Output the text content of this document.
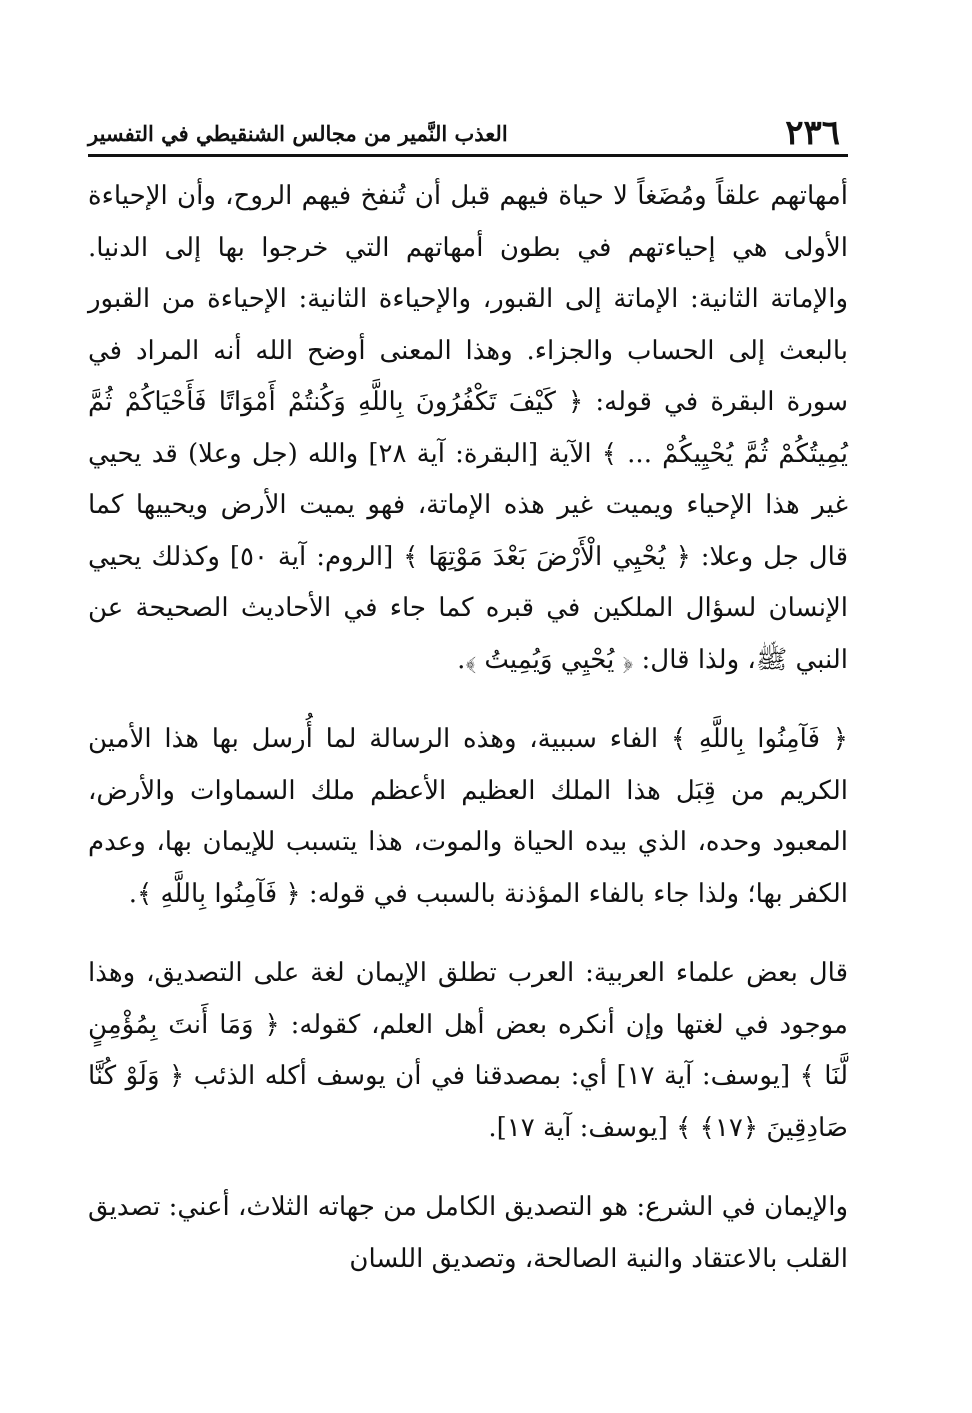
٢٣٦
العذب النَّمير من مجالس الشنقيطي في التفسير

أمهاتهم علقاً ومُضَغاً لا حياة فيهم قبل أن تُنفخ فيهم الروح، وأن الإحياءة الأولى هي إحياءتهم في بطون أمهاتهم التي خرجوا بها إلى الدنيا. والإماتة الثانية: الإماتة إلى القبور، والإحياءة الثانية: الإحياءة من القبور بالبعث إلى الحساب والجزاء. وهذا المعنى أوضح الله أنه المراد في سورة البقرة في قوله: ﴿ كَيْفَ تَكْفُرُونَ بِاللَّهِ وَكُنتُمْ أَمْوَاتًا فَأَحْيَاكُمْ ثُمَّ يُمِيتُكُمْ ثُمَّ يُحْيِيكُمْ ... ﴾ الآية [البقرة: آية ٢٨] والله (جل وعلا) قد يحيي غير هذا الإحياء ويميت غير هذه الإماتة، فهو يميت الأرض ويحييها كما قال جل وعلا: ﴿ يُحْيِي الْأَرْضَ بَعْدَ مَوْتِهَا ﴾ [الروم: آية ٥٠] وكذلك يحيي الإنسان لسؤال الملكين في قبره كما جاء في الأحاديث الصحيحة عن النبي ﷺ، ولذا قال: ﴿ يُحْيِي وَيُمِيتُ ﴾.

﴿ فَآمِنُوا بِاللَّهِ ﴾ الفاء سببية، وهذه الرسالة لما أُرسل بها هذا الأمين الكريم من قِبَل هذا الملك العظيم الأعظم ملك السماوات والأرض، المعبود وحده، الذي بيده الحياة والموت، هذا يتسبب للإيمان بها، وعدم الكفر بها؛ ولذا جاء بالفاء المؤذنة بالسبب في قوله: ﴿ فَآمِنُوا بِاللَّهِ ﴾.

قال بعض علماء العربية: العرب تطلق الإيمان لغة على التصديق، وهذا موجود في لغتها وإن أنكره بعض أهل العلم، كقوله: ﴿ وَمَا أَنتَ بِمُؤْمِنٍ لَّنَا ﴾ [يوسف: آية ١٧] أي: بمصدقنا في أن يوسف أكله الذئب ﴿ وَلَوْ كُنَّا صَادِقِينَ ﴿١٧﴾ ﴾ [يوسف: آية ١٧].

والإيمان في الشرع: هو التصديق الكامل من جهاته الثلاث، أعني: تصديق القلب بالاعتقاد والنية الصالحة، وتصديق اللسان
